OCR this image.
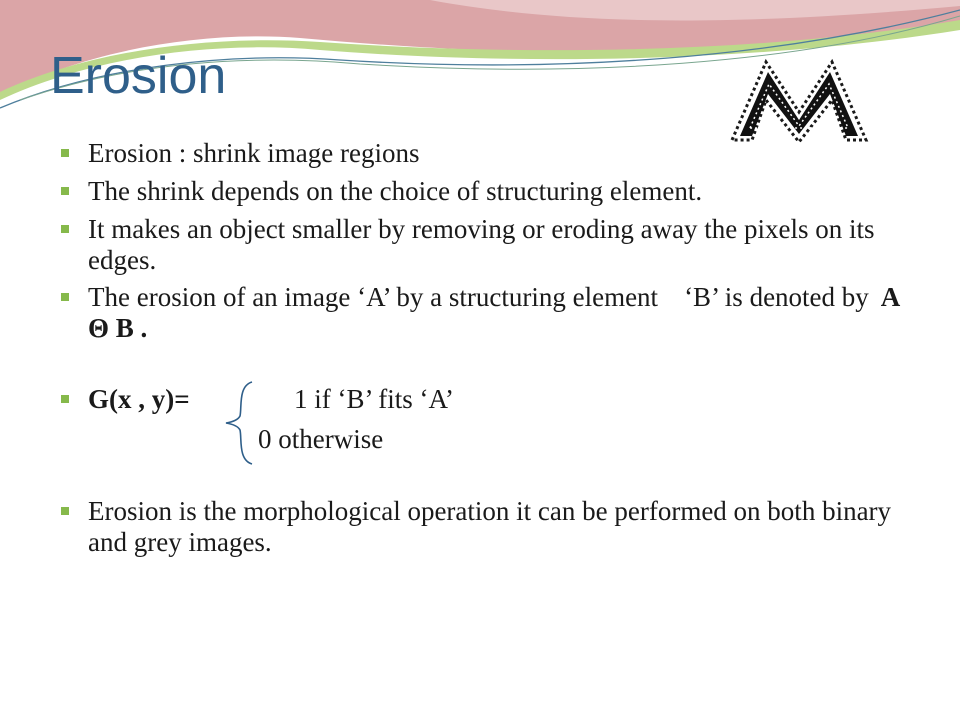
Erosion
Erosion : shrink image regions
The shrink depends on the choice of structuring element.
It makes an object smaller by removing or eroding away the pixels on its edges.
The erosion of an image ‘A’ by a structuring element ‘B’ is denoted by A Θ B .
G(x , y)=	1 if ‘B’ fits ‘A’
0 otherwise
Erosion is the morphological operation it can be performed on both binary and grey images.
